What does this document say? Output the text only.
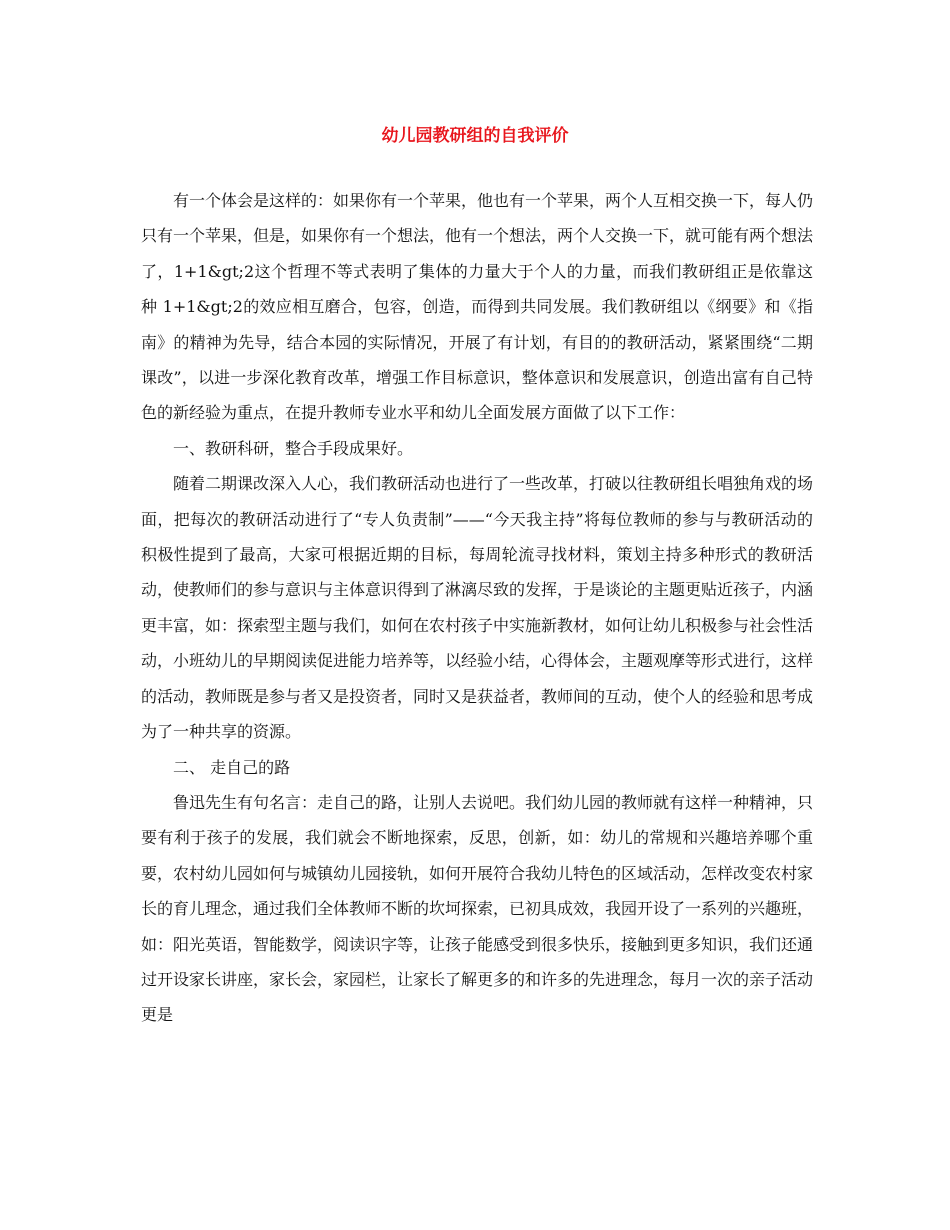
幼儿园教研组的自我评价

有一个体会是这样的：如果你有一个苹果，他也有一个苹果，两个人互相交换一下，每人仍只有一个苹果，但是，如果你有一个想法，他有一个想法，两个人交换一下，就可能有两个想法了，1+1&gt;2这个哲理不等式表明了集体的力量大于个人的力量，而我们教研组正是依靠这种 1+1&gt;2的效应相互磨合，包容，创造，而得到共同发展。我们教研组以《纲要》和《指南》的精神为先导，结合本园的实际情况，开展了有计划，有目的的教研活动，紧紧围绕“二期课改”，以进一步深化教育改革，增强工作目标意识，整体意识和发展意识，创造出富有自己特色的新经验为重点，在提升教师专业水平和幼儿全面发展方面做了以下工作：

一、教研科研，整合手段成果好。

随着二期课改深入人心，我们教研活动也进行了一些改革，打破以往教研组长唱独角戏的场面，把每次的教研活动进行了“专人负责制”——“今天我主持”将每位教师的参与与教研活动的积极性提到了最高，大家可根据近期的目标，每周轮流寻找材料，策划主持多种形式的教研活动，使教师们的参与意识与主体意识得到了淋漓尽致的发挥，于是谈论的主题更贴近孩子，内涵更丰富，如：探索型主题与我们，如何在农村孩子中实施新教材，如何让幼儿积极参与社会性活动，小班幼儿的早期阅读促进能力培养等，以经验小结，心得体会，主题观摩等形式进行，这样的活动，教师既是参与者又是投资者，同时又是获益者，教师间的互动，使个人的经验和思考成为了一种共享的资源。

二、 走自己的路

鲁迅先生有句名言：走自己的路，让别人去说吧。我们幼儿园的教师就有这样一种精神，只要有利于孩子的发展，我们就会不断地探索，反思，创新，如：幼儿的常规和兴趣培养哪个重要，农村幼儿园如何与城镇幼儿园接轨，如何开展符合我幼儿特色的区域活动，怎样改变农村家长的育儿理念，通过我们全体教师不断的坎坷探索，已初具成效，我园开设了一系列的兴趣班，如：阳光英语，智能数学，阅读识字等，让孩子能感受到很多快乐，接触到更多知识，我们还通过开设家长讲座，家长会，家园栏，让家长了解更多的和许多的先进理念，每月一次的亲子活动更是
